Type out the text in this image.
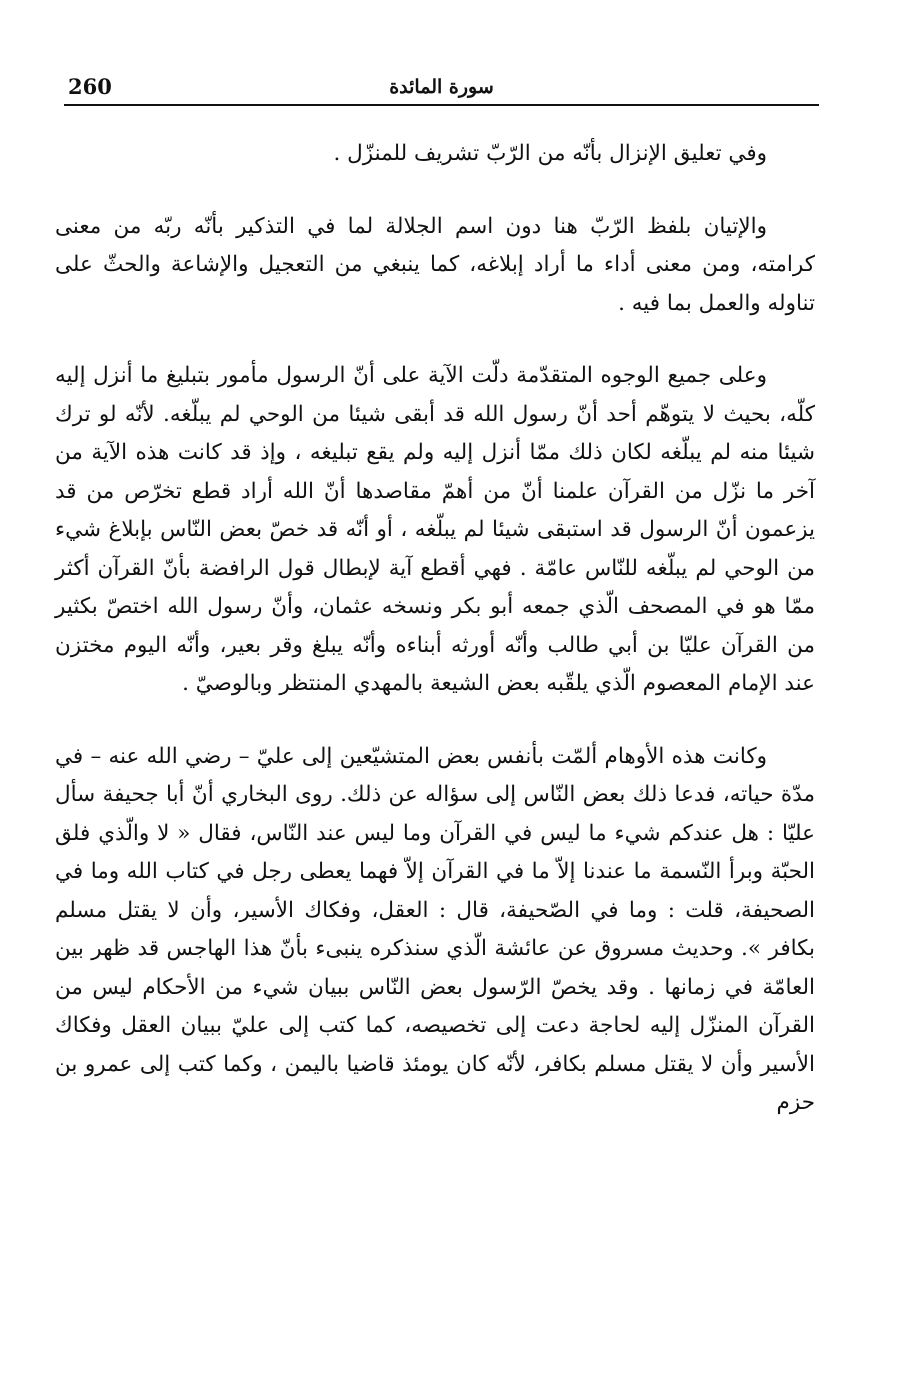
260	سورة المائدة

وفي تعليق الإنزال بأنّه من الرّبّ تشريف للمنزّل .

والإتيان بلفظ الرّبّ هنا دون اسم الجلالة لما في التذكير بأنّه ربّه من معنى كرامته، ومن معنى أداء ما أراد إبلاغه، كما ينبغي من التعجيل والإشاعة والحثّ على تناوله والعمل بما فيه .

وعلى جميع الوجوه المتقدّمة دلّت الآية على أنّ الرسول مأمور بتبليغ ما أنزل إليه كلّه، بحيث لا يتوهّم أحد أنّ رسول الله قد أبقى شيئا من الوحي لم يبلّغه. لأنّه لو ترك شيئا منه لم يبلّغه لكان ذلك ممّا أنزل إليه ولم يقع تبليغه ، وإذ قد كانت هذه الآية من آخر ما نزّل من القرآن علمنا أنّ من أهمّ مقاصدها أنّ الله أراد قطع تخرّص من قد يزعمون أنّ الرسول قد استبقى شيئا لم يبلّغه ، أو أنّه قد خصّ بعض النّاس بإبلاغ شيء من الوحي لم يبلّغه للنّاس عامّة . فهي أقطع آية لإبطال قول الرافضة بأنّ القرآن أكثر ممّا هو في المصحف الّذي جمعه أبو بكر ونسخه عثمان، وأنّ رسول الله اختصّ بكثير من القرآن عليّا بن أبي طالب وأنّه أورثه أبناءه وأنّه يبلغ وقر بعير، وأنّه اليوم مختزن عند الإمام المعصوم الّذي يلقّبه بعض الشيعة بالمهدي المنتظر وبالوصيّ .

وكانت هذه الأوهام ألمّت بأنفس بعض المتشيّعين إلى عليّ – رضي الله عنه – في مدّة حياته، فدعا ذلك بعض النّاس إلى سؤاله عن ذلك. روى البخاري أنّ أبا جحيفة سأل عليّا : هل عندكم شيء ما ليس في القرآن وما ليس عند النّاس، فقال « لا والّذي فلق الحبّة وبرأ النّسمة ما عندنا إلاّ ما في القرآن إلاّ فهما يعطى رجل في كتاب الله وما في الصحيفة، قلت : وما في الصّحيفة، قال : العقل، وفكاك الأسير، وأن لا يقتل مسلم بكافر ». وحديث مسروق عن عائشة الّذي سنذكره ينبىء بأنّ هذا الهاجس قد ظهر بين العامّة في زمانها . وقد يخصّ الرّسول بعض النّاس ببيان شيء من الأحكام ليس من القرآن المنزّل إليه لحاجة دعت إلى تخصيصه، كما كتب إلى عليّ ببيان العقل وفكاك الأسير وأن لا يقتل مسلم بكافر، لأنّه كان يومئذ قاضيا باليمن ، وكما كتب إلى عمرو بن حزم
